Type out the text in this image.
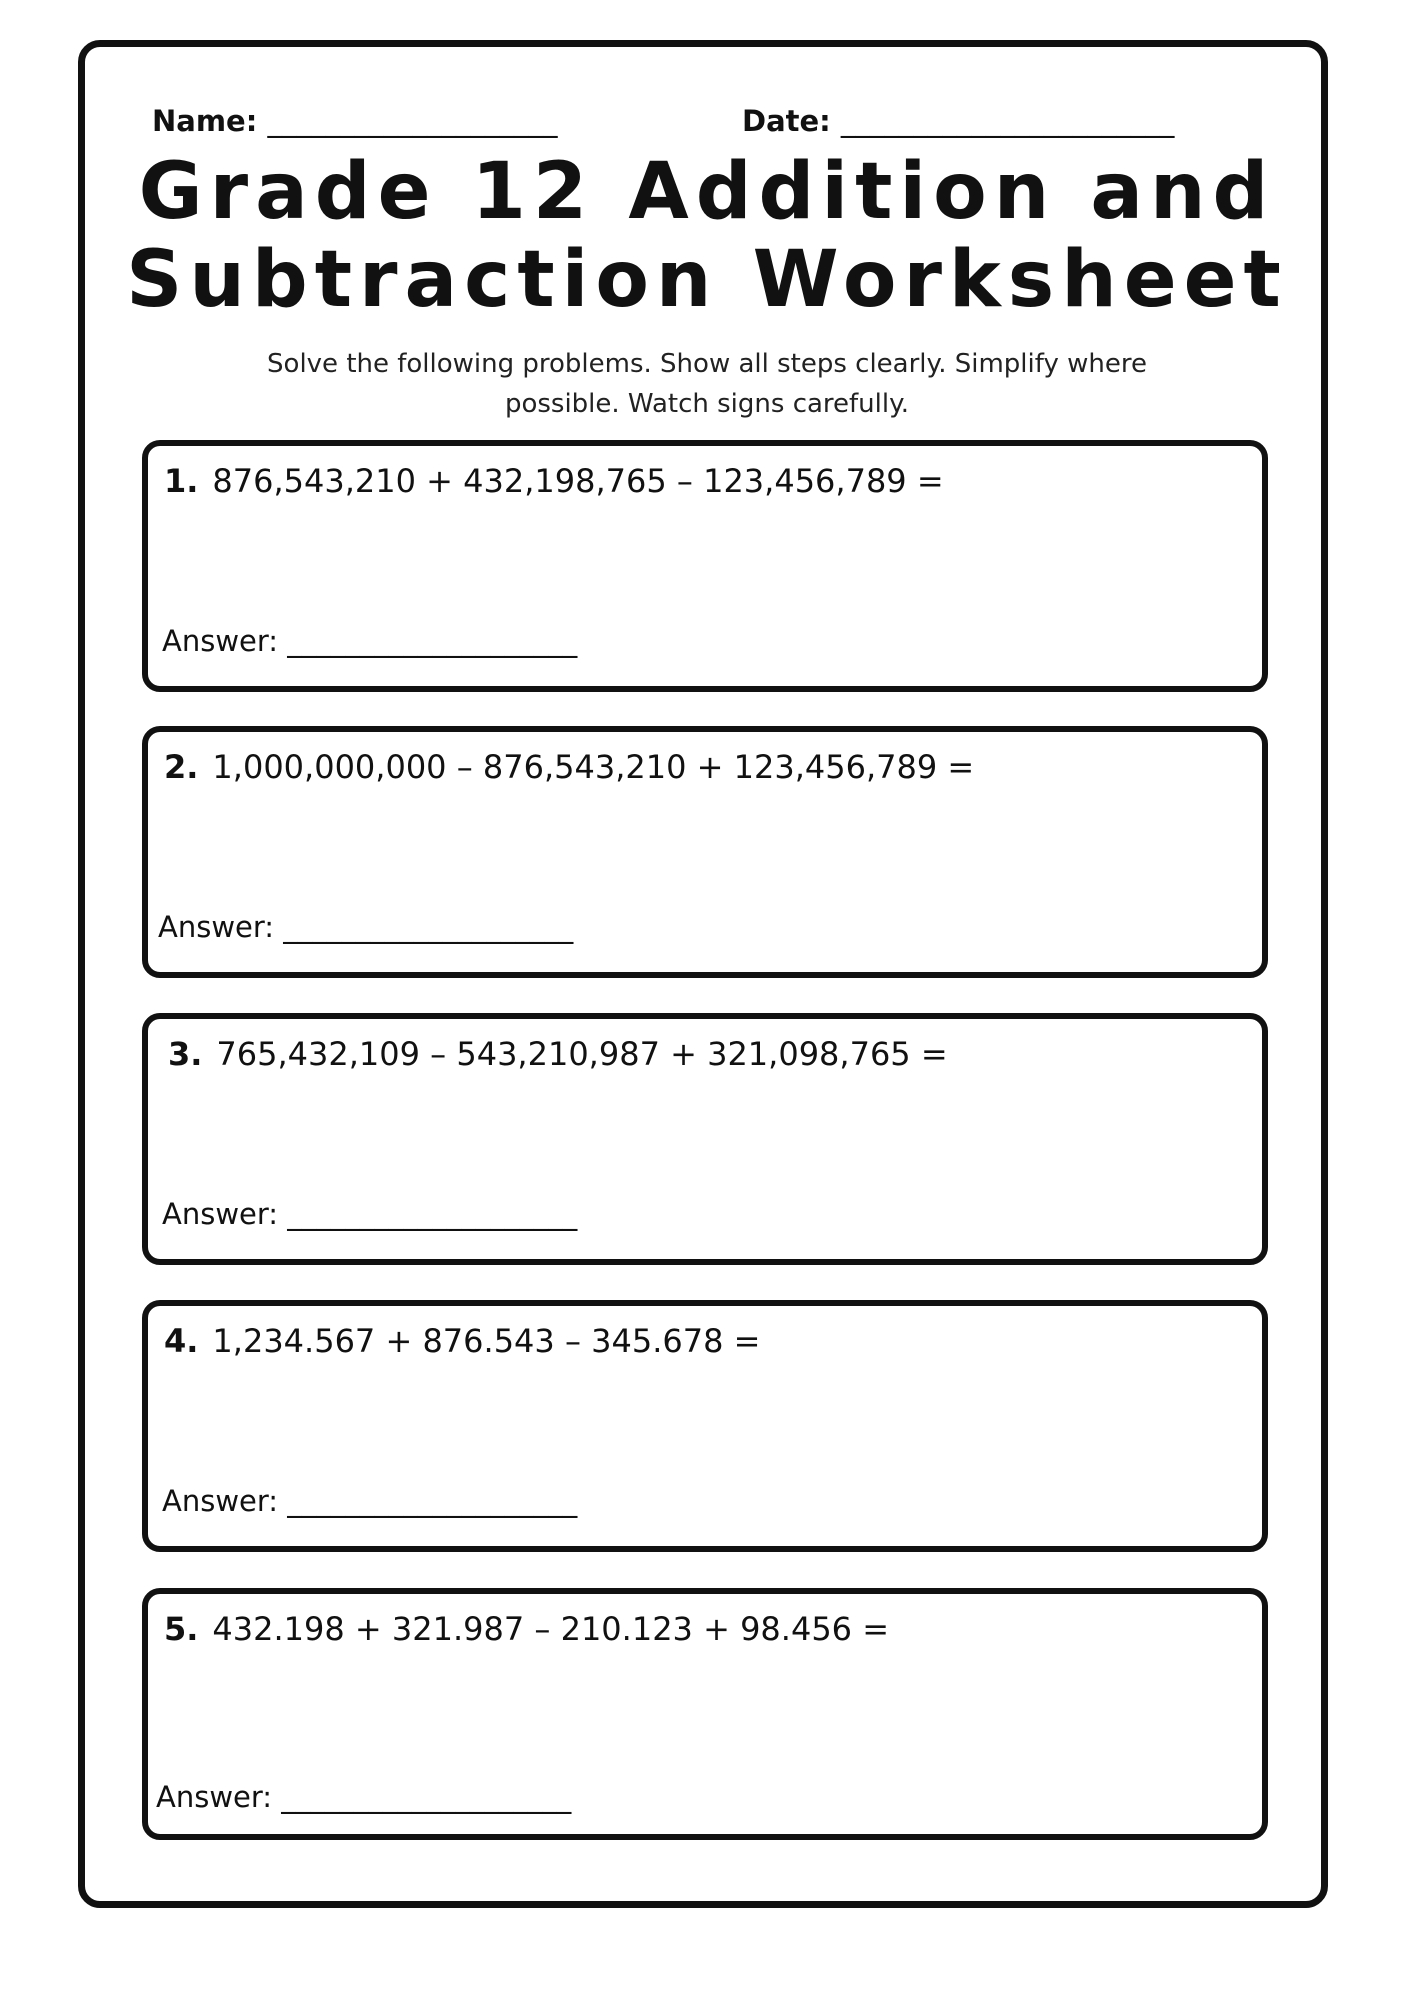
Name: ____________________	Date: _______________________
Grade 12 Addition and
Subtraction Worksheet
Solve the following problems. Show all steps clearly. Simplify where
possible. Watch signs carefully.
1. 876,543,210 + 432,198,765 – 123,456,789 =
Answer: ____________________
2. 1,000,000,000 – 876,543,210 + 123,456,789 =
Answer: ____________________
3. 765,432,109 – 543,210,987 + 321,098,765 =
Answer: ____________________
4. 1,234.567 + 876.543 – 345.678 =
Answer: ____________________
5. 432.198 + 321.987 – 210.123 + 98.456 =
Answer: ____________________
